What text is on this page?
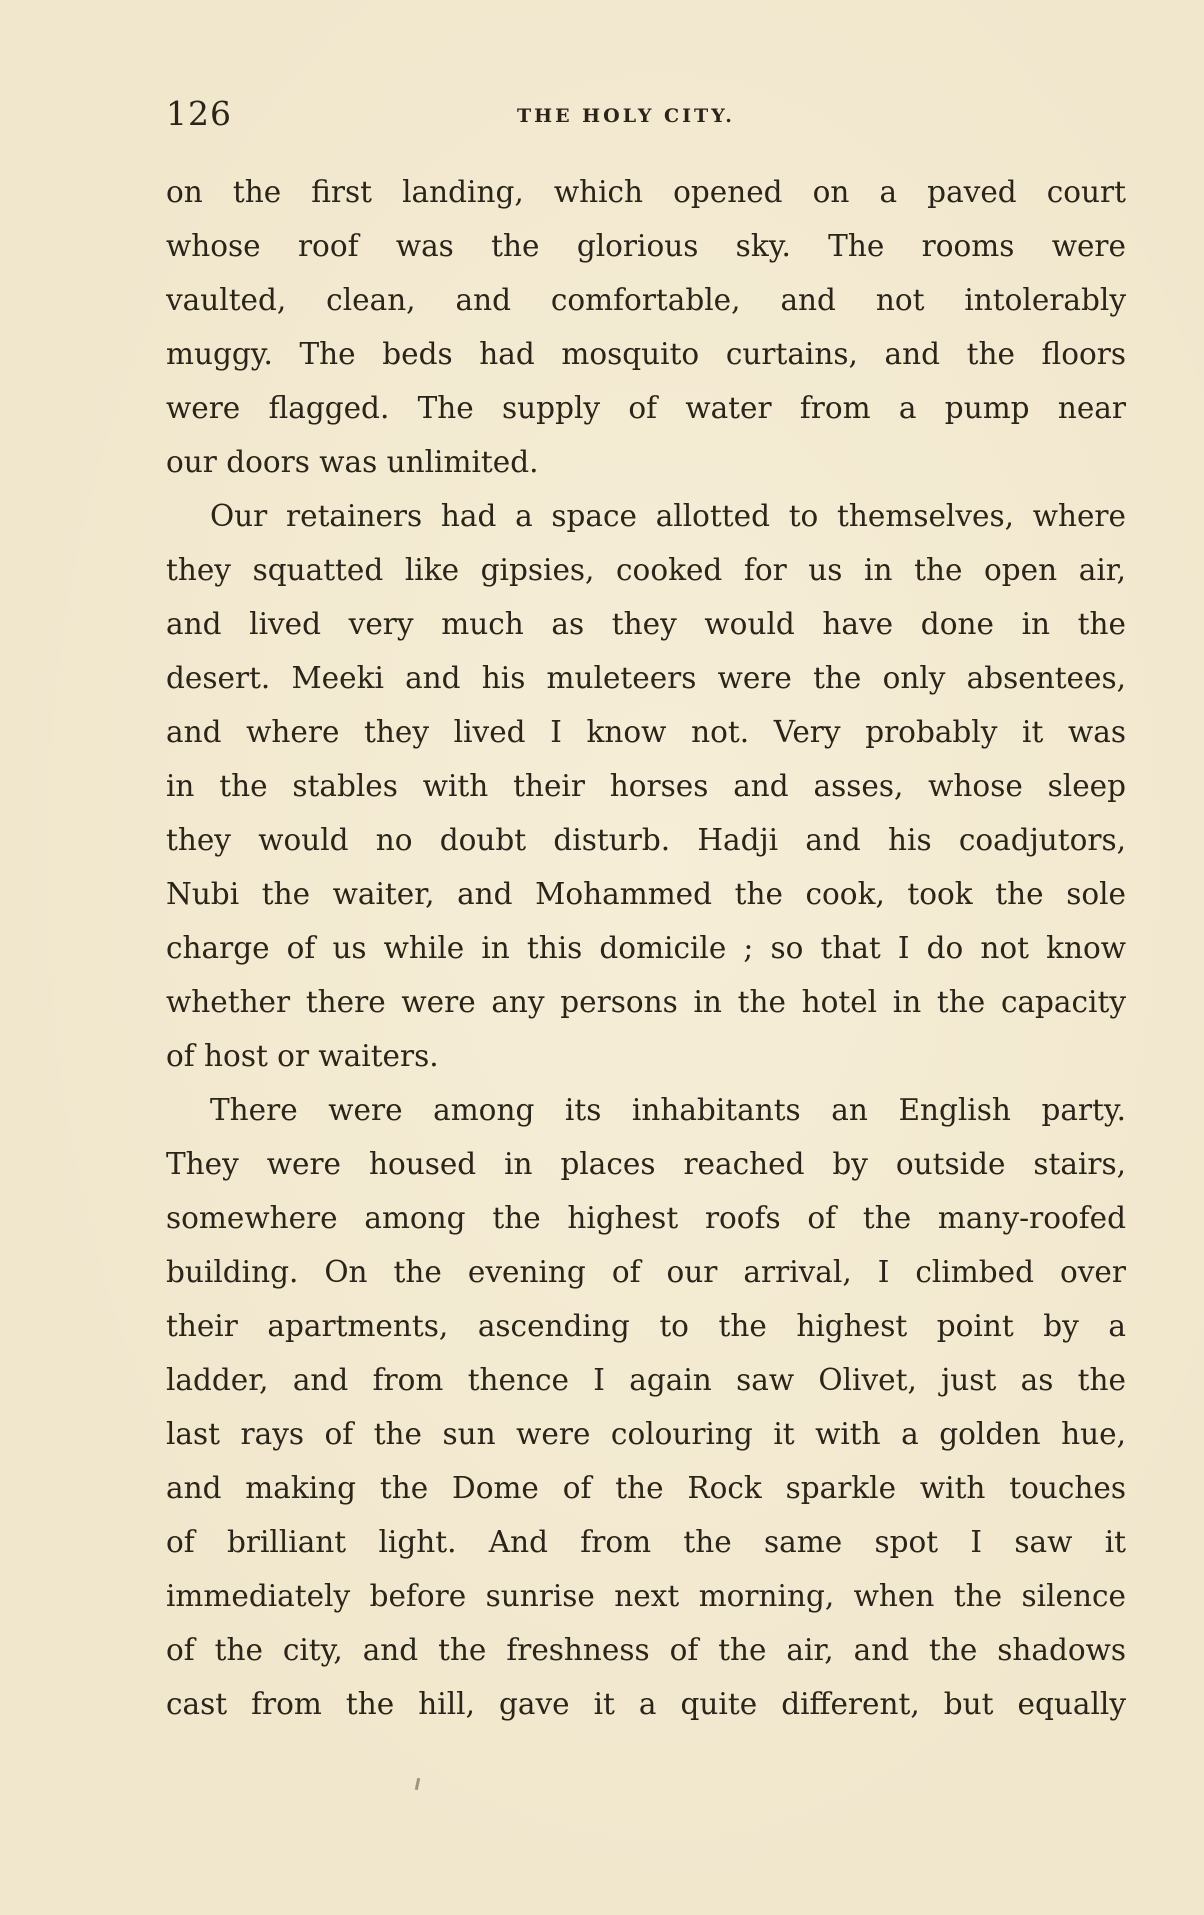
126	THE HOLY CITY.
on the first landing, which opened on a paved court
whose roof was the glorious sky. The rooms were
vaulted, clean, and comfortable, and not intolerably
muggy. The beds had mosquito curtains, and the floors
were flagged. The supply of water from a pump near
our doors was unlimited.
Our retainers had a space allotted to themselves, where
they squatted like gipsies, cooked for us in the open air,
and lived very much as they would have done in the
desert. Meeki and his muleteers were the only absentees,
and where they lived I know not. Very probably it was
in the stables with their horses and asses, whose sleep
they would no doubt disturb. Hadji and his coadjutors,
Nubi the waiter, and Mohammed the cook, took the sole
charge of us while in this domicile ; so that I do not know
whether there were any persons in the hotel in the capacity
of host or waiters.
There were among its inhabitants an English party.
They were housed in places reached by outside stairs,
somewhere among the highest roofs of the many-roofed
building. On the evening of our arrival, I climbed over
their apartments, ascending to the highest point by a
ladder, and from thence I again saw Olivet, just as the
last rays of the sun were colouring it with a golden hue,
and making the Dome of the Rock sparkle with touches
of brilliant light. And from the same spot I saw it
immediately before sunrise next morning, when the silence
of the city, and the freshness of the air, and the shadows
cast from the hill, gave it a quite different, but equally
